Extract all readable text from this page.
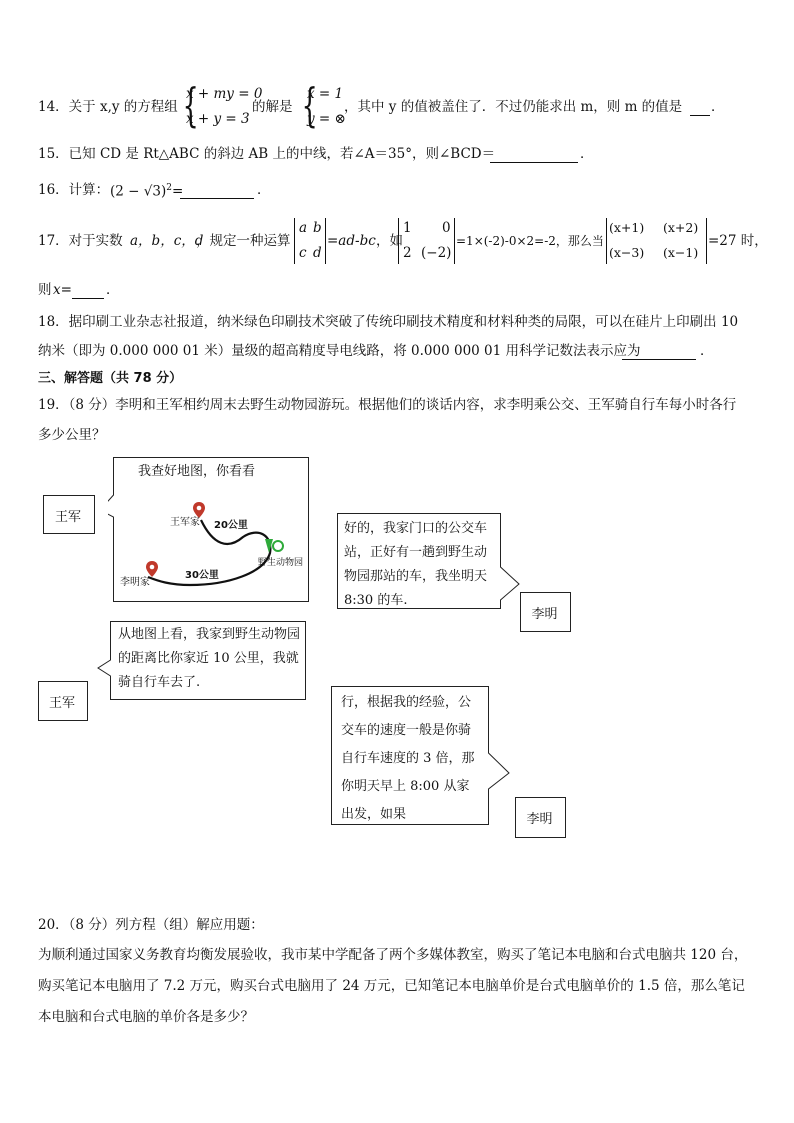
14．关于 x,y 的方程组 {
x + my = 0
x + y = 3
的解是 {
x = 1
y = ⊗
，其中 y 的值被盖住了．不过仍能求出 m，则 m 的值是 ．
15．已知 CD 是 Rt△ABC 的斜边 AB 上的中线，若∠A＝35°，则∠BCD＝	．
16．计算： $(2 - √3)^2=$	．
17．对于实数 a，b，c，d
，规定一种运算
a b
c d
=ad-bc ，如
1 0
2 (−2)
=1×(-2)-0×2=-2，那么当
(x+1) (x+2)
(x−3) (x−1)
=27 时，
则 x=	．
18．据印刷工业杂志社报道，纳米绿色印刷技术突破了传统印刷技术精度和材料种类的局限，可以在硅片上印刷出 10
纳米（即为 0.000 000 01 米）量级的超高精度导电线路，将 0.000 000 01 用科学记数法表示应为	．
三、解答题（共 78 分）
19．（8 分）李明和王军相约周末去野生动物园游玩。根据他们的谈话内容，求李明乘公交、王军骑自行车每小时各行
多少公里？
我查好地图，你看看
王军家 20公里
野生动物园
30公里
李明家
王军
好的，我家门口的公交车站，正好有一趟到野生动物园那站的车，我坐明天 8:30 的车.
李明
从地图上看，我家到野生动物园的距离比你家近 10 公里，我就骑自行车去了.
王军	行，根据我的经验，公交车的速度一般是你骑自行车速度的 3 倍，那你明天早上 8:00 从家出发，如果	李明
20．（8 分）列方程（组）解应用题：
为顺利通过国家义务教育均衡发展验收，我市某中学配备了两个多媒体教室，购买了笔记本电脑和台式电脑共 120 台，购买笔记本电脑用了 7.2 万元，购买台式电脑用了 24 万元，已知笔记本电脑单价是台式电脑单价的 1.5 倍，那么笔记本电脑和台式电脑的单价各是多少？
